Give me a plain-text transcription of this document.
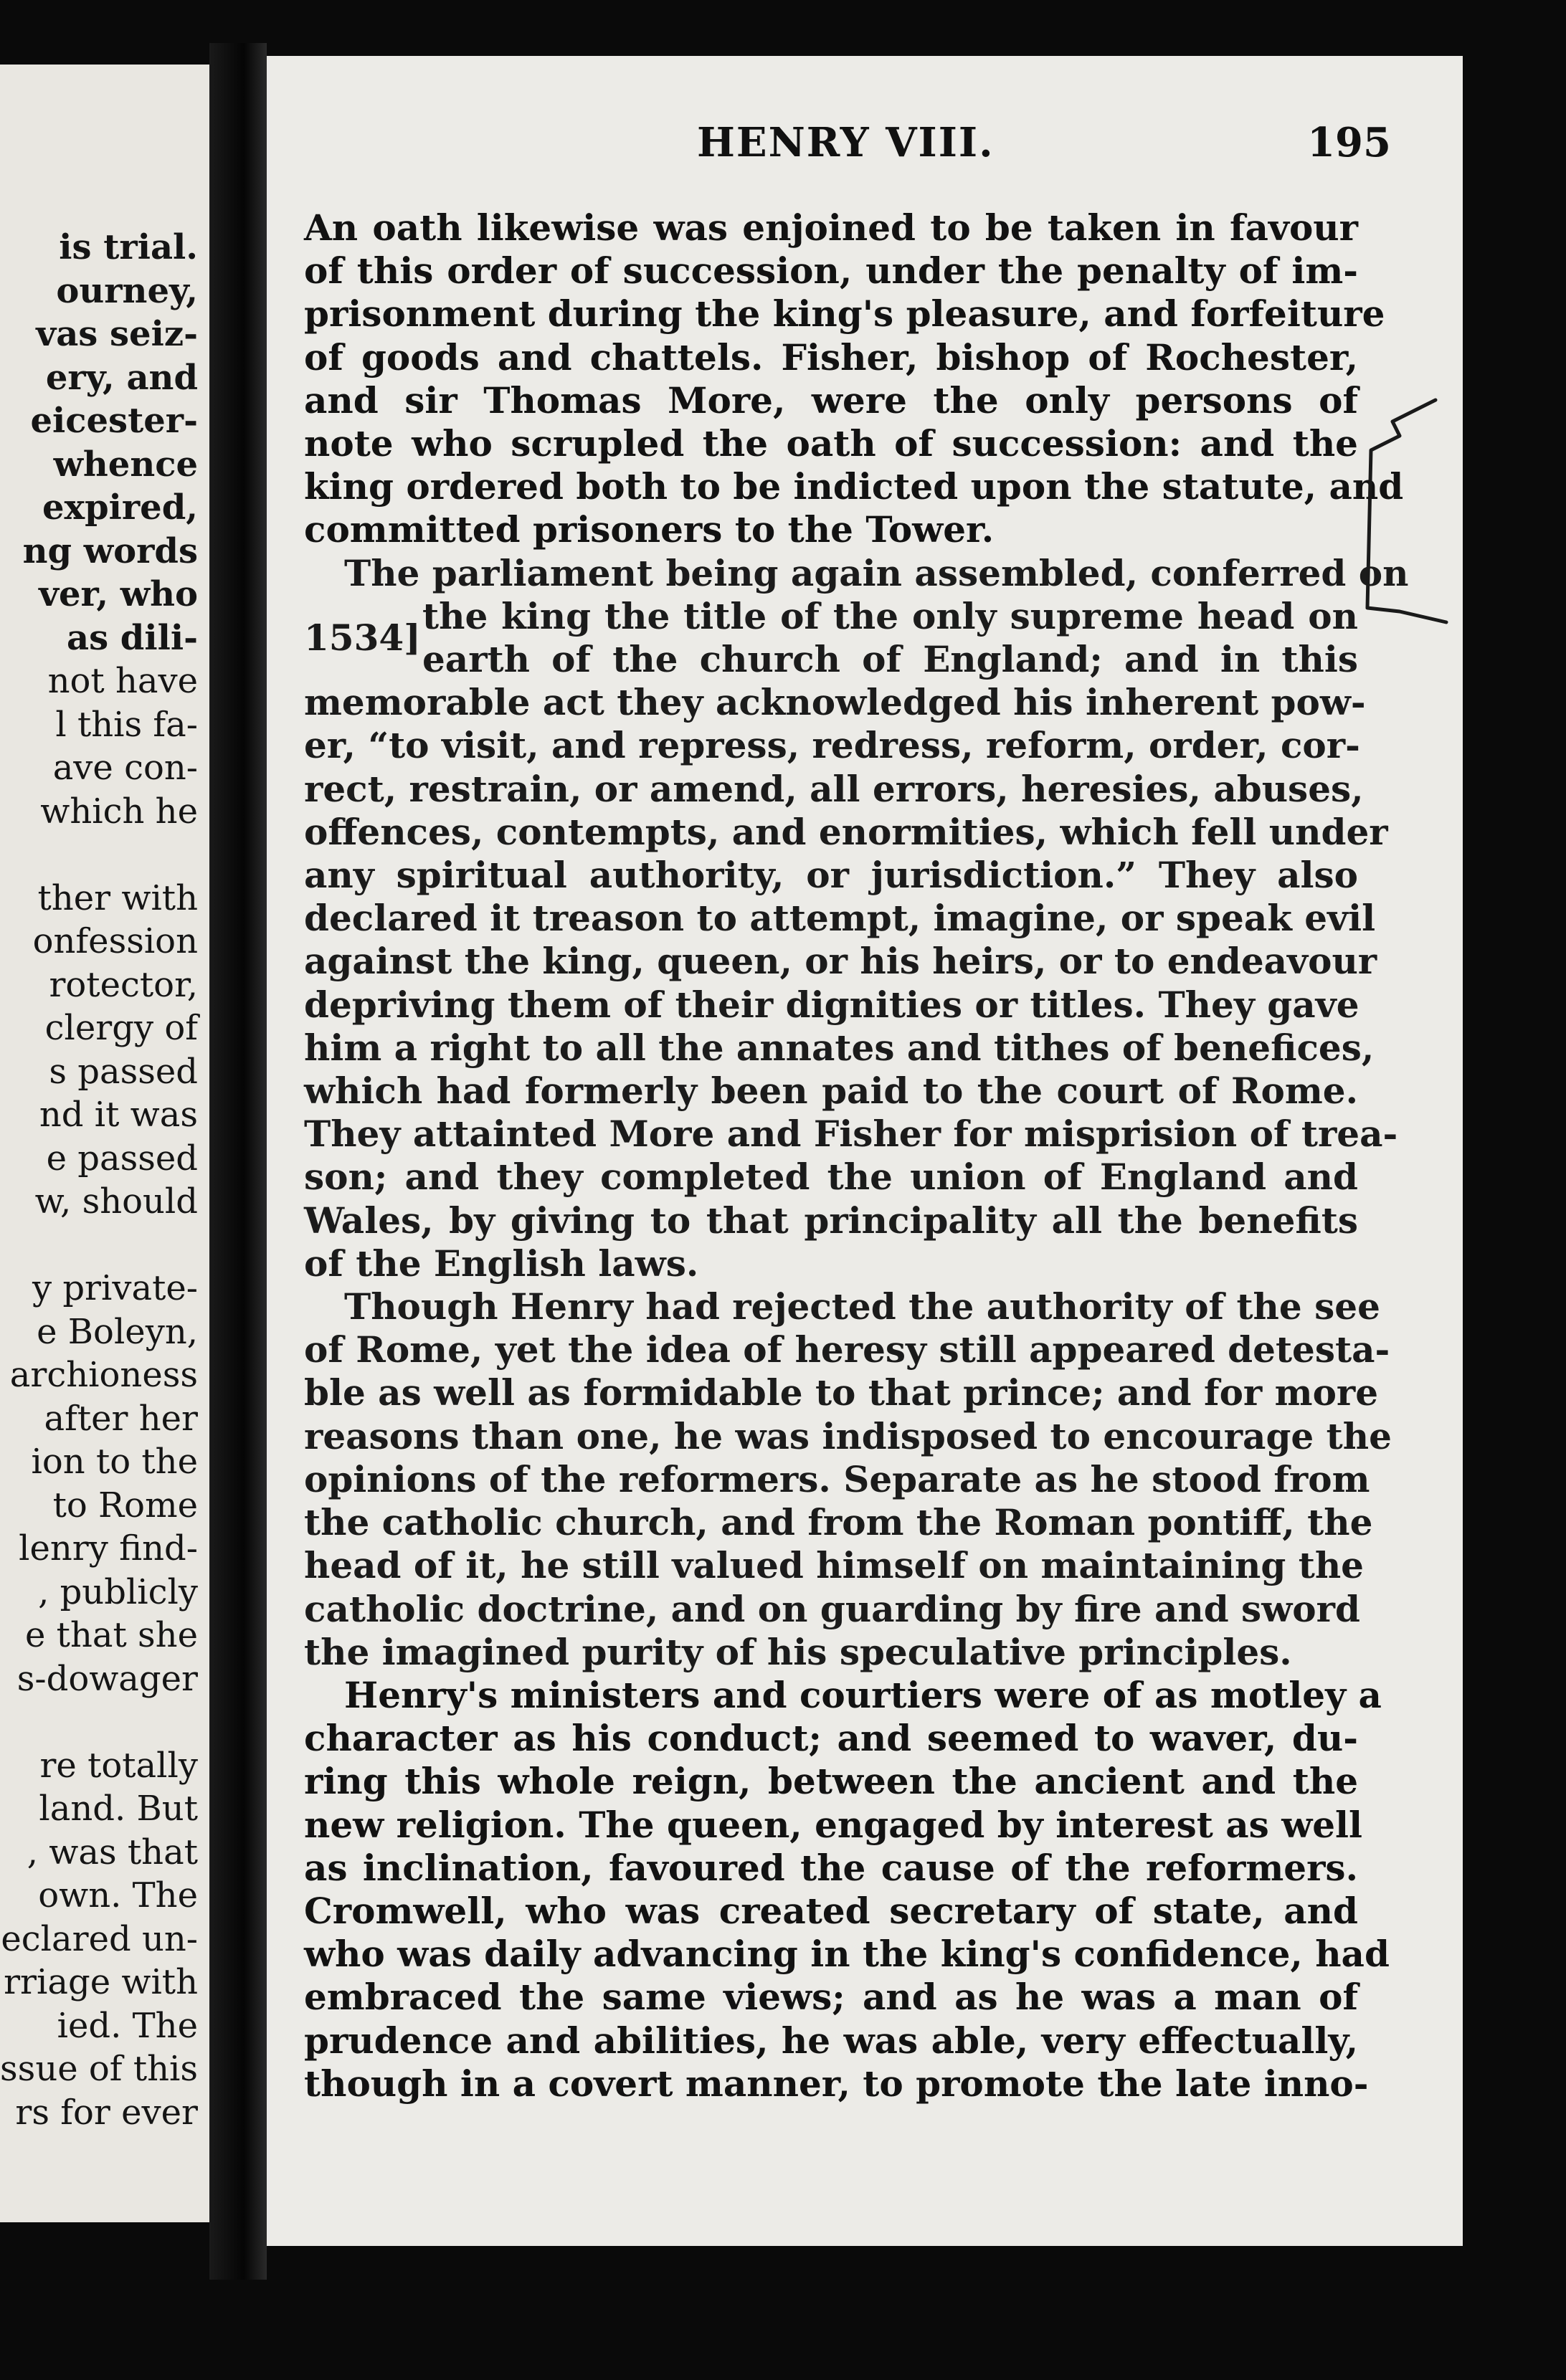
is trial.
ourney,
vas seiz-
ery, and
eicester-
whence
expired,
ng words
ver, who
as dili-
not have
l this fa-
ave con-
which he
ther with
onfession
rotector,
clergy of
s passed
nd it was
e passed
w, should
y private-
e Boleyn,
archioness
after her
ion to the
to Rome
lenry find-
, publicly
e that she
s-dowager
re totally
land. But
, was that
own. The
eclared un-
rriage with
ied. The
ssue of this
rs for ever
HENRY VIII.	195

An oath likewise was enjoined to be taken in favour
of this order of succession, under the penalty of im-
prisonment during the king's pleasure, and forfeiture
of goods and chattels. Fisher, bishop of Rochester,
and sir Thomas More, were the only persons of
note who scrupled the oath of succession: and the
king ordered both to be indicted upon the statute, and
committed prisoners to the Tower.

The parliament being again assembled, conferred on
1534]
the king the title of the only supreme head on
earth of the church of England; and in this
memorable act they acknowledged his inherent pow-
er, “to visit, and repress, redress, reform, order, cor-
rect, restrain, or amend, all errors, heresies, abuses,
offences, contempts, and enormities, which fell under
any spiritual authority, or jurisdiction.” They also
declared it treason to attempt, imagine, or speak evil
against the king, queen, or his heirs, or to endeavour
depriving them of their dignities or titles. They gave
him a right to all the annates and tithes of benefices,
which had formerly been paid to the court of Rome.
They attainted More and Fisher for misprision of trea-
son; and they completed the union of England and
Wales, by giving to that principality all the benefits
of the English laws.

Though Henry had rejected the authority of the see
of Rome, yet the idea of heresy still appeared detesta-
ble as well as formidable to that prince; and for more
reasons than one, he was indisposed to encourage the
opinions of the reformers. Separate as he stood from
the catholic church, and from the Roman pontiff, the
head of it, he still valued himself on maintaining the
catholic doctrine, and on guarding by fire and sword
the imagined purity of his speculative principles.

Henry's ministers and courtiers were of as motley a
character as his conduct; and seemed to waver, du-
ring this whole reign, between the ancient and the
new religion. The queen, engaged by interest as well
as inclination, favoured the cause of the reformers.
Cromwell, who was created secretary of state, and
who was daily advancing in the king's confidence, had
embraced the same views; and as he was a man of
prudence and abilities, he was able, very effectually,
though in a covert manner, to promote the late inno-
